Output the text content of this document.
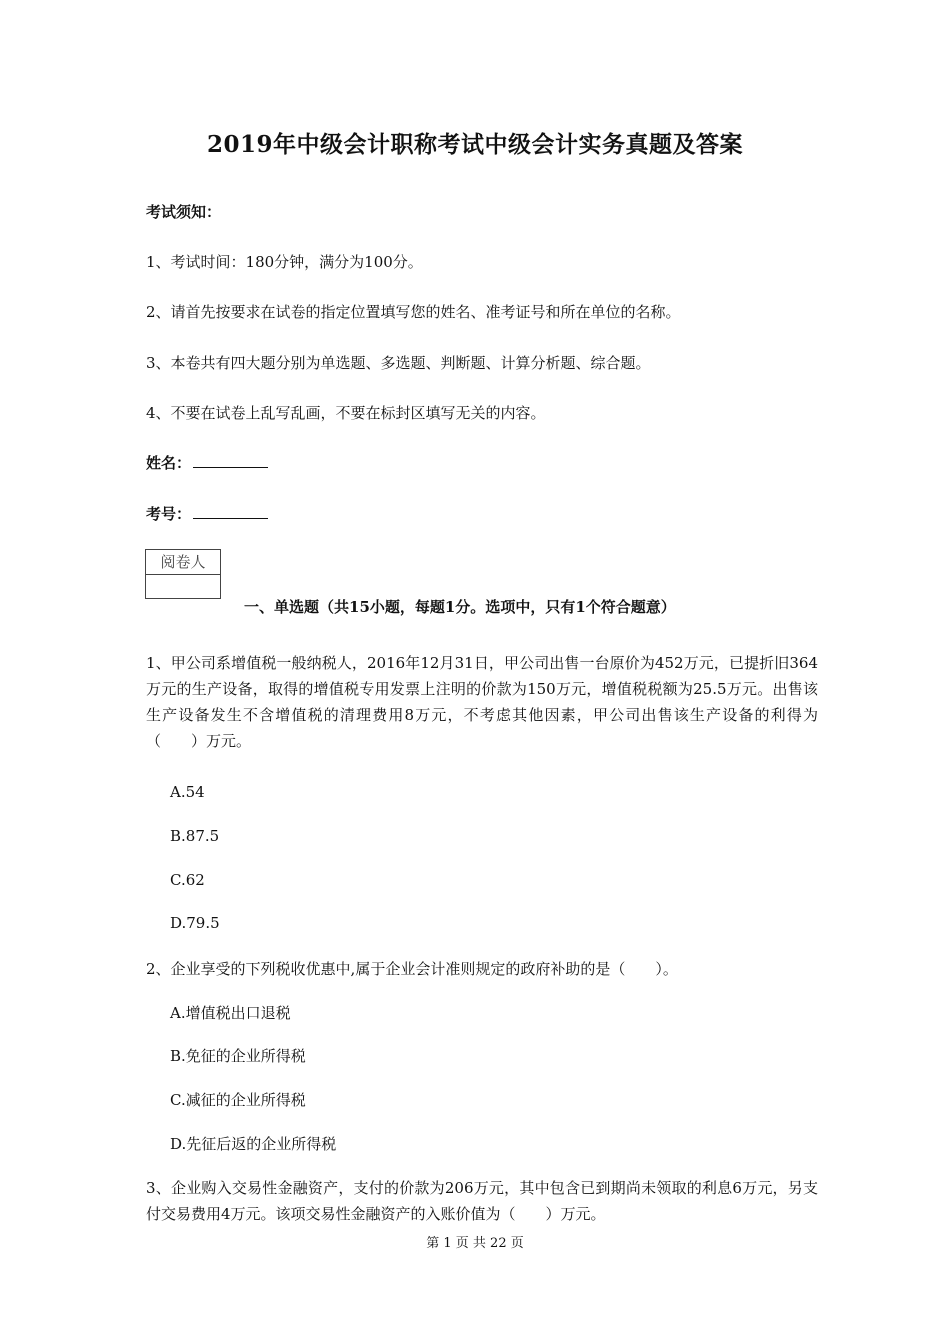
2019年中级会计职称考试中级会计实务真题及答案
考试须知：
1、考试时间：180分钟，满分为100分。
2、请首先按要求在试卷的指定位置填写您的姓名、准考证号和所在单位的名称。
3、本卷共有四大题分别为单选题、多选题、判断题、计算分析题、综合题。
4、不要在试卷上乱写乱画，不要在标封区填写无关的内容。
姓名：
考号：
阅卷人
一、单选题（共15小题，每题1分。选项中，只有1个符合题意）
1、甲公司系增值税一般纳税人，2016年12月31日，甲公司出售一台原价为452万元，已提折旧364万元的生产设备，取得的增值税专用发票上注明的价款为150万元，增值税税额为25.5万元。出售该生产设备发生不含增值税的清理费用8万元，不考虑其他因素，甲公司出售该生产设备的利得为（　　）万元。
A.54
B.87.5
C.62
D.79.5
2、企业享受的下列税收优惠中,属于企业会计准则规定的政府补助的是（　　）。
A.增值税出口退税
B.免征的企业所得税
C.减征的企业所得税
D.先征后返的企业所得税
3、企业购入交易性金融资产，支付的价款为206万元，其中包含已到期尚未领取的利息6万元，另支付交易费用4万元。该项交易性金融资产的入账价值为（　　）万元。
第 1 页 共 22 页
